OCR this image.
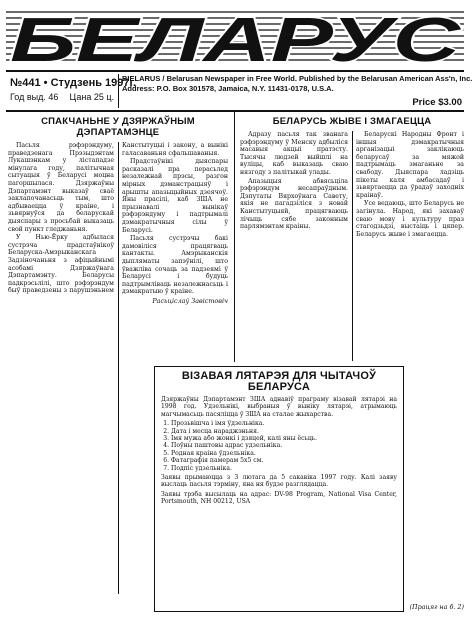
БЕЛАРУС
№441 • Студзень 1997г.
Год выд. 46 Цана 25 ц.
BIELARUS / Belarusan Newspaper in Free World. Published by the Belarusan American Ass'n, Inc.
Address: P.O. Box 301578, Jamaica, N.Y. 11431-0178, U.S.A.
Price $3.00
СПАКЧАНЬНЕ У ДЗЯРЖАЎНЫМ ДЭПАРТАМЭНЦЕ

Пасьля рэфэрэндуму, праведзенага Прэзыдэнтам Лукашэнкам у лістападзе мінулага году, палітычная сытуацыя ў Беларусі моцна пагоршылася. Дзяржаўны Дэпартамэнт выказаў сваё заклапочанасьць тым, што адбываецца ў краіне, і зьвярнуўся да беларускай дыяспары з просьбай выказаць свой пункт гледжаньня.

У Нью-Ёрку адбылася сустрэча прадстаўнікоў Беларуска-Амэрыканскага Задзіночаньня з афіцыйнымі асобамі Дзяржаўнага Дэпартамэнту. Беларусы падкрэсьлілі, што рэфэрэндум быў праведзены з парушэньнем Канстытуцыі і закону, а вынікі галасаваньня сфальшаваныя.

Прадстаўнікі дыяспары расказалі пра перасьлед незалежнай прэсы, разгон мірных дэманстрацыяў і арышты апазыцыйных дзеячоў. Яны прасілі, каб ЗША не прызнавалі вынікаў рэфэрэндуму і падтрымалі дэмакратычныя сілы ў Беларусі.

Пасьля сустрэчы бакі дамовіліся працягваць кантакты. Амэрыканскія дыпляматы запэўнілі, што ўважліва сочаць за падзеямі ў Беларусі і будуць падтрымліваць незалежнасьць і дэмакратыю ў краіне.

Расьціслаў Завістовіч
БЕЛАРУСЬ ЖЫВЕ І ЗМАГАЕЦЦА

Адразу пасьля так званага рэфэрэндуму ў Менску адбыліся масавыя акцыі пратэсту. Тысячы людзей выйшлі на вуліцы, каб выказаць сваю нязгоду з палітыкай улады.

Апазыцыя абвясьціла рэфэрэндум несапраўдным. Дэпутаты Вярхоўнага Савету, якія не пагадзіліся з новай Канстытуцыяй, працягваюць лічыць сябе законным парлямэнтам краіны.

Беларускі Народны Фронт і іншыя дэмакратычныя арганізацыі заклікаюць беларусаў за мяжой падтрымаць змаганьне за свабоду. Дыяспара ладзіць пікеты каля амбасадаў і зьвяртаецца да ўрадаў заходніх краінаў.

Усе ведаюць, што Беларусь не загінула. Народ, які захаваў сваю мову і культуру праз стагодзьдзі, выстаіць і цяпер. Беларусь жыве і змагаецца.

ВІЗАВАЯ ЛЯТАРЭЯ ДЛЯ ЧЫТАЧОЎ БЕЛАРУСА

Дзяржаўны Дэпартамэнт ЗША аднавіў праграму візавай лятарэі на 1998 год. Удзельнікі, выбраныя ў выніку лятарэі, атрымаюць магчымасьць пасяліцца ў ЗША на сталае жыхарства.

1. Прозьвішча і імя ўдзельніка.
2. Дата і месца нараджэньня.
3. Імя мужа або жонкі і дзяцей, калі яны ёсьць.
4. Поўны паштовы адрас удзельніка.
5. Родная краіна ўдзельніка.
6. Фатаграфія памерам 5x5 см.
7. Подпіс удзельніка.

Заявы прымаюцца з 3 лютага да 5 сакавіка 1997 году. Калі заяву выслаць пасьля тэрміну, яна ня будзе разглядацца.

Заявы трэба высылаць на адрас: DV-98 Program, National Visa Center, Portsmouth, NH 00212, USA

(Працяг на б. 2)
